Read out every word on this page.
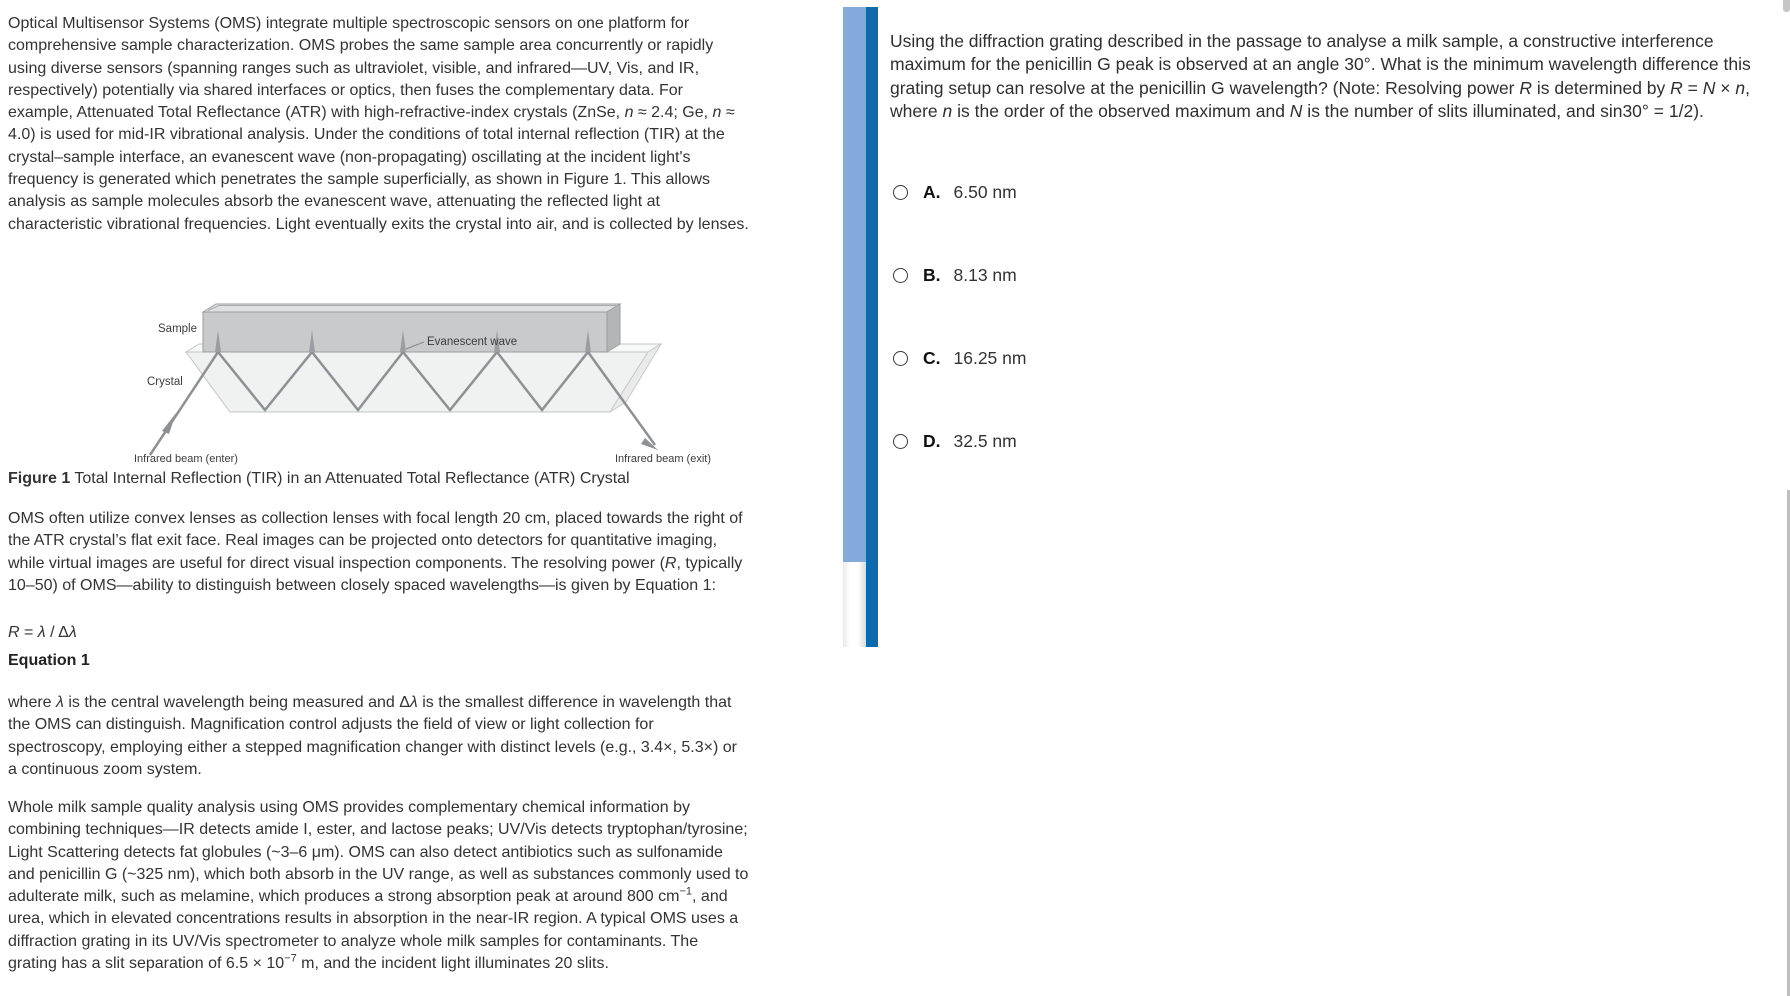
Optical Multisensor Systems (OMS) integrate multiple spectroscopic sensors on one platform for comprehensive sample characterization. OMS probes the same sample area concurrently or rapidly using diverse sensors (spanning ranges such as ultraviolet, visible, and infrared—UV, Vis, and IR, respectively) potentially via shared interfaces or optics, then fuses the complementary data. For example, Attenuated Total Reflectance (ATR) with high-refractive-index crystals (ZnSe, n ≈ 2.4; Ge, n ≈ 4.0) is used for mid-IR vibrational analysis. Under the conditions of total internal reflection (TIR) at the crystal–sample interface, an evanescent wave (non-propagating) oscillating at the incident light's frequency is generated which penetrates the sample superficially, as shown in Figure 1. This allows analysis as sample molecules absorb the evanescent wave, attenuating the reflected light at characteristic vibrational frequencies. Light eventually exits the crystal into air, and is collected by lenses.
Sample
Crystal
Evanescent wave
Infrared beam (enter)	Infrared beam (exit)
Figure 1 Total Internal Reflection (TIR) in an Attenuated Total Reflectance (ATR) Crystal
OMS often utilize convex lenses as collection lenses with focal length 20 cm, placed towards the right of the ATR crystal’s flat exit face. Real images can be projected onto detectors for quantitative imaging, while virtual images are useful for direct visual inspection components. The resolving power (R, typically 10–50) of OMS—ability to distinguish between closely spaced wavelengths—is given by Equation 1:
R = λ / Δλ
Equation 1
where λ is the central wavelength being measured and Δλ is the smallest difference in wavelength that the OMS can distinguish. Magnification control adjusts the field of view or light collection for spectroscopy, employing either a stepped magnification changer with distinct levels (e.g., 3.4×, 5.3×) or a continuous zoom system.
Whole milk sample quality analysis using OMS provides complementary chemical information by combining techniques—IR detects amide I, ester, and lactose peaks; UV/Vis detects tryptophan/tyrosine; Light Scattering detects fat globules (~3–6 μm). OMS can also detect antibiotics such as sulfonamide and penicillin G (~325 nm), which both absorb in the UV range, as well as substances commonly used to adulterate milk, such as melamine, which produces a strong absorption peak at around 800 $cm^{-1}$, and urea, which in elevated concentrations results in absorption in the near-IR region. A typical OMS uses a diffraction grating in its UV/Vis spectrometer to analyze whole milk samples for contaminants. The grating has a slit separation of $6.5 \times 10^{-7}$ m, and the incident light illuminates 20 slits.
Using the diffraction grating described in the passage to analyse a milk sample, a constructive interference maximum for the penicillin G peak is observed at an angle 30°. What is the minimum wavelength difference this grating setup can resolve at the penicillin G wavelength? (Note: Resolving power R is determined by R = N × n, where n is the order of the observed maximum and N is the number of slits illuminated, and sin30° = 1/2).
A. 6.50 nm
B. 8.13 nm
C. 16.25 nm
D. 32.5 nm
